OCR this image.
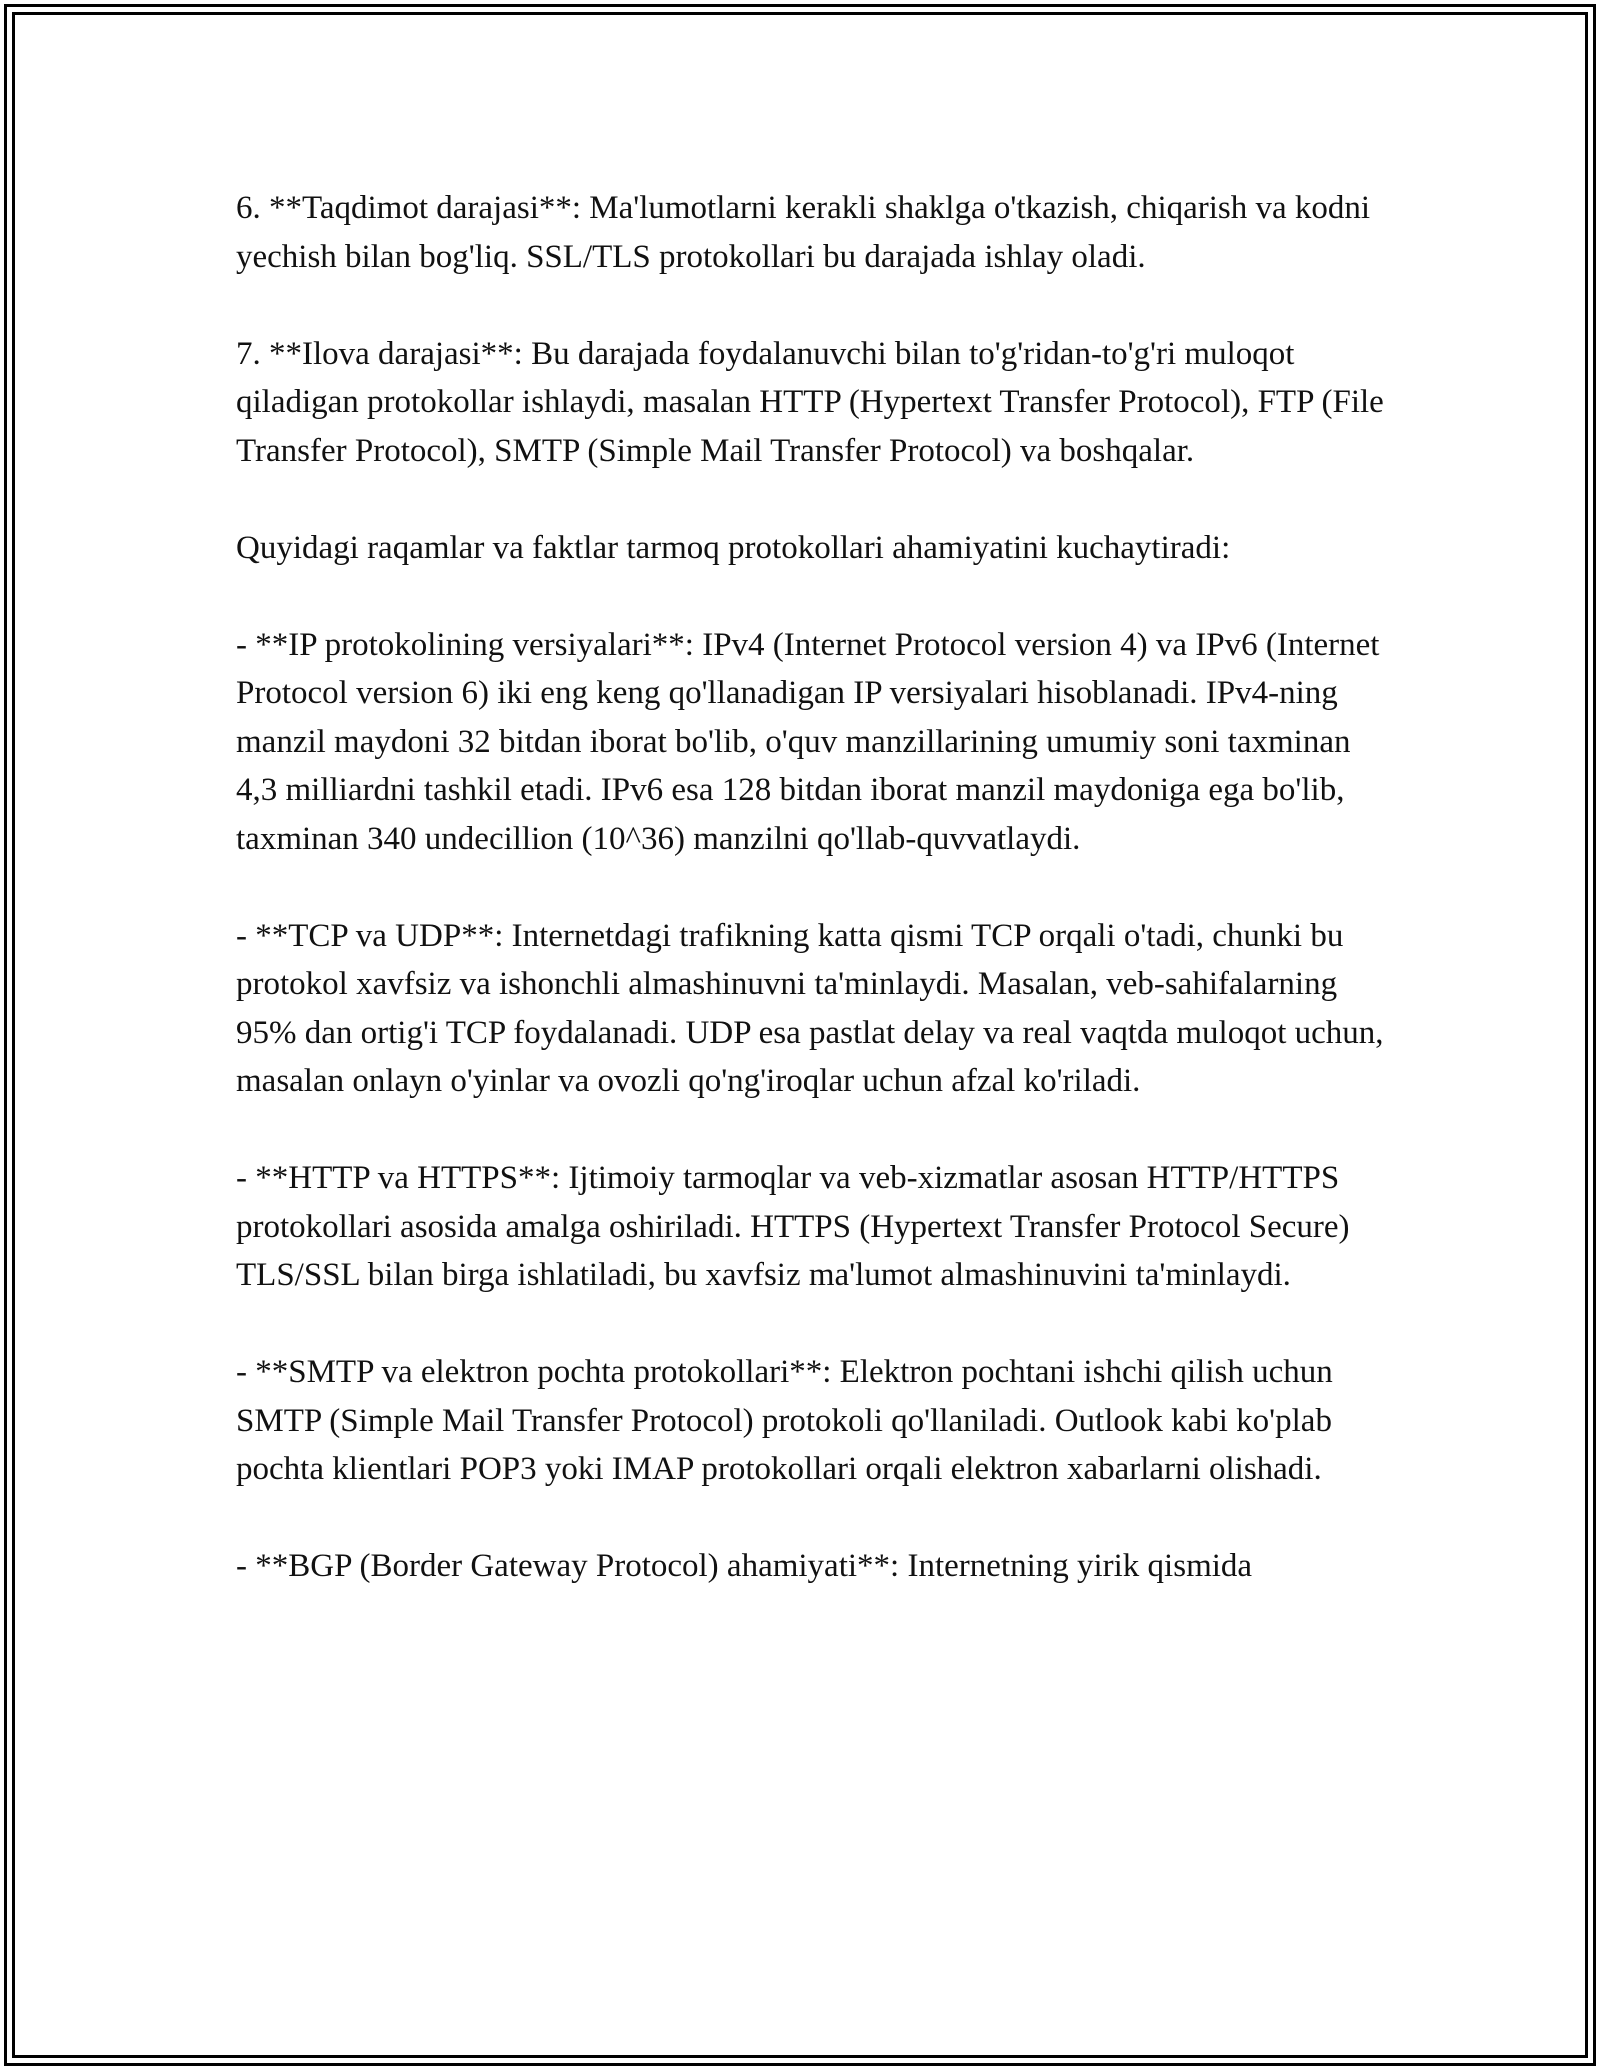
6. **Taqdimot darajasi**: Ma'lumotlarni kerakli shaklga o'tkazish, chiqarish va kodni yechish bilan bog'liq. SSL/TLS protokollari bu darajada ishlay oladi.

7. **Ilova darajasi**: Bu darajada foydalanuvchi bilan to'g'ridan-to'g'ri muloqot qiladigan protokollar ishlaydi, masalan HTTP (Hypertext Transfer Protocol), FTP (File Transfer Protocol), SMTP (Simple Mail Transfer Protocol) va boshqalar.

Quyidagi raqamlar va faktlar tarmoq protokollari ahamiyatini kuchaytiradi:

- **IP protokolining versiyalari**: IPv4 (Internet Protocol version 4) va IPv6 (Internet Protocol version 6) iki eng keng qo'llanadigan IP versiyalari hisoblanadi. IPv4-ning manzil maydoni 32 bitdan iborat bo'lib, o'quv manzillarining umumiy soni taxminan 4,3 milliardni tashkil etadi. IPv6 esa 128 bitdan iborat manzil maydoniga ega bo'lib, taxminan 340 undecillion (10^36) manzilni qo'llab-quvvatlaydi.

- **TCP va UDP**: Internetdagi trafikning katta qismi TCP orqali o'tadi, chunki bu protokol xavfsiz va ishonchli almashinuvni ta'minlaydi. Masalan, veb-sahifalarning 95% dan ortig'i TCP foydalanadi. UDP esa pastlat delay va real vaqtda muloqot uchun, masalan onlayn o'yinlar va ovozli qo'ng'iroqlar uchun afzal ko'riladi.

- **HTTP va HTTPS**: Ijtimoiy tarmoqlar va veb-xizmatlar asosan HTTP/HTTPS protokollari asosida amalga oshiriladi. HTTPS (Hypertext Transfer Protocol Secure) TLS/SSL bilan birga ishlatiladi, bu xavfsiz ma'lumot almashinuvini ta'minlaydi.

- **SMTP va elektron pochta protokollari**: Elektron pochtani ishchi qilish uchun SMTP (Simple Mail Transfer Protocol) protokoli qo'llaniladi. Outlook kabi ko'plab pochta klientlari POP3 yoki IMAP protokollari orqali elektron xabarlarni olishadi.

- **BGP (Border Gateway Protocol) ahamiyati**: Internetning yirik qismida
